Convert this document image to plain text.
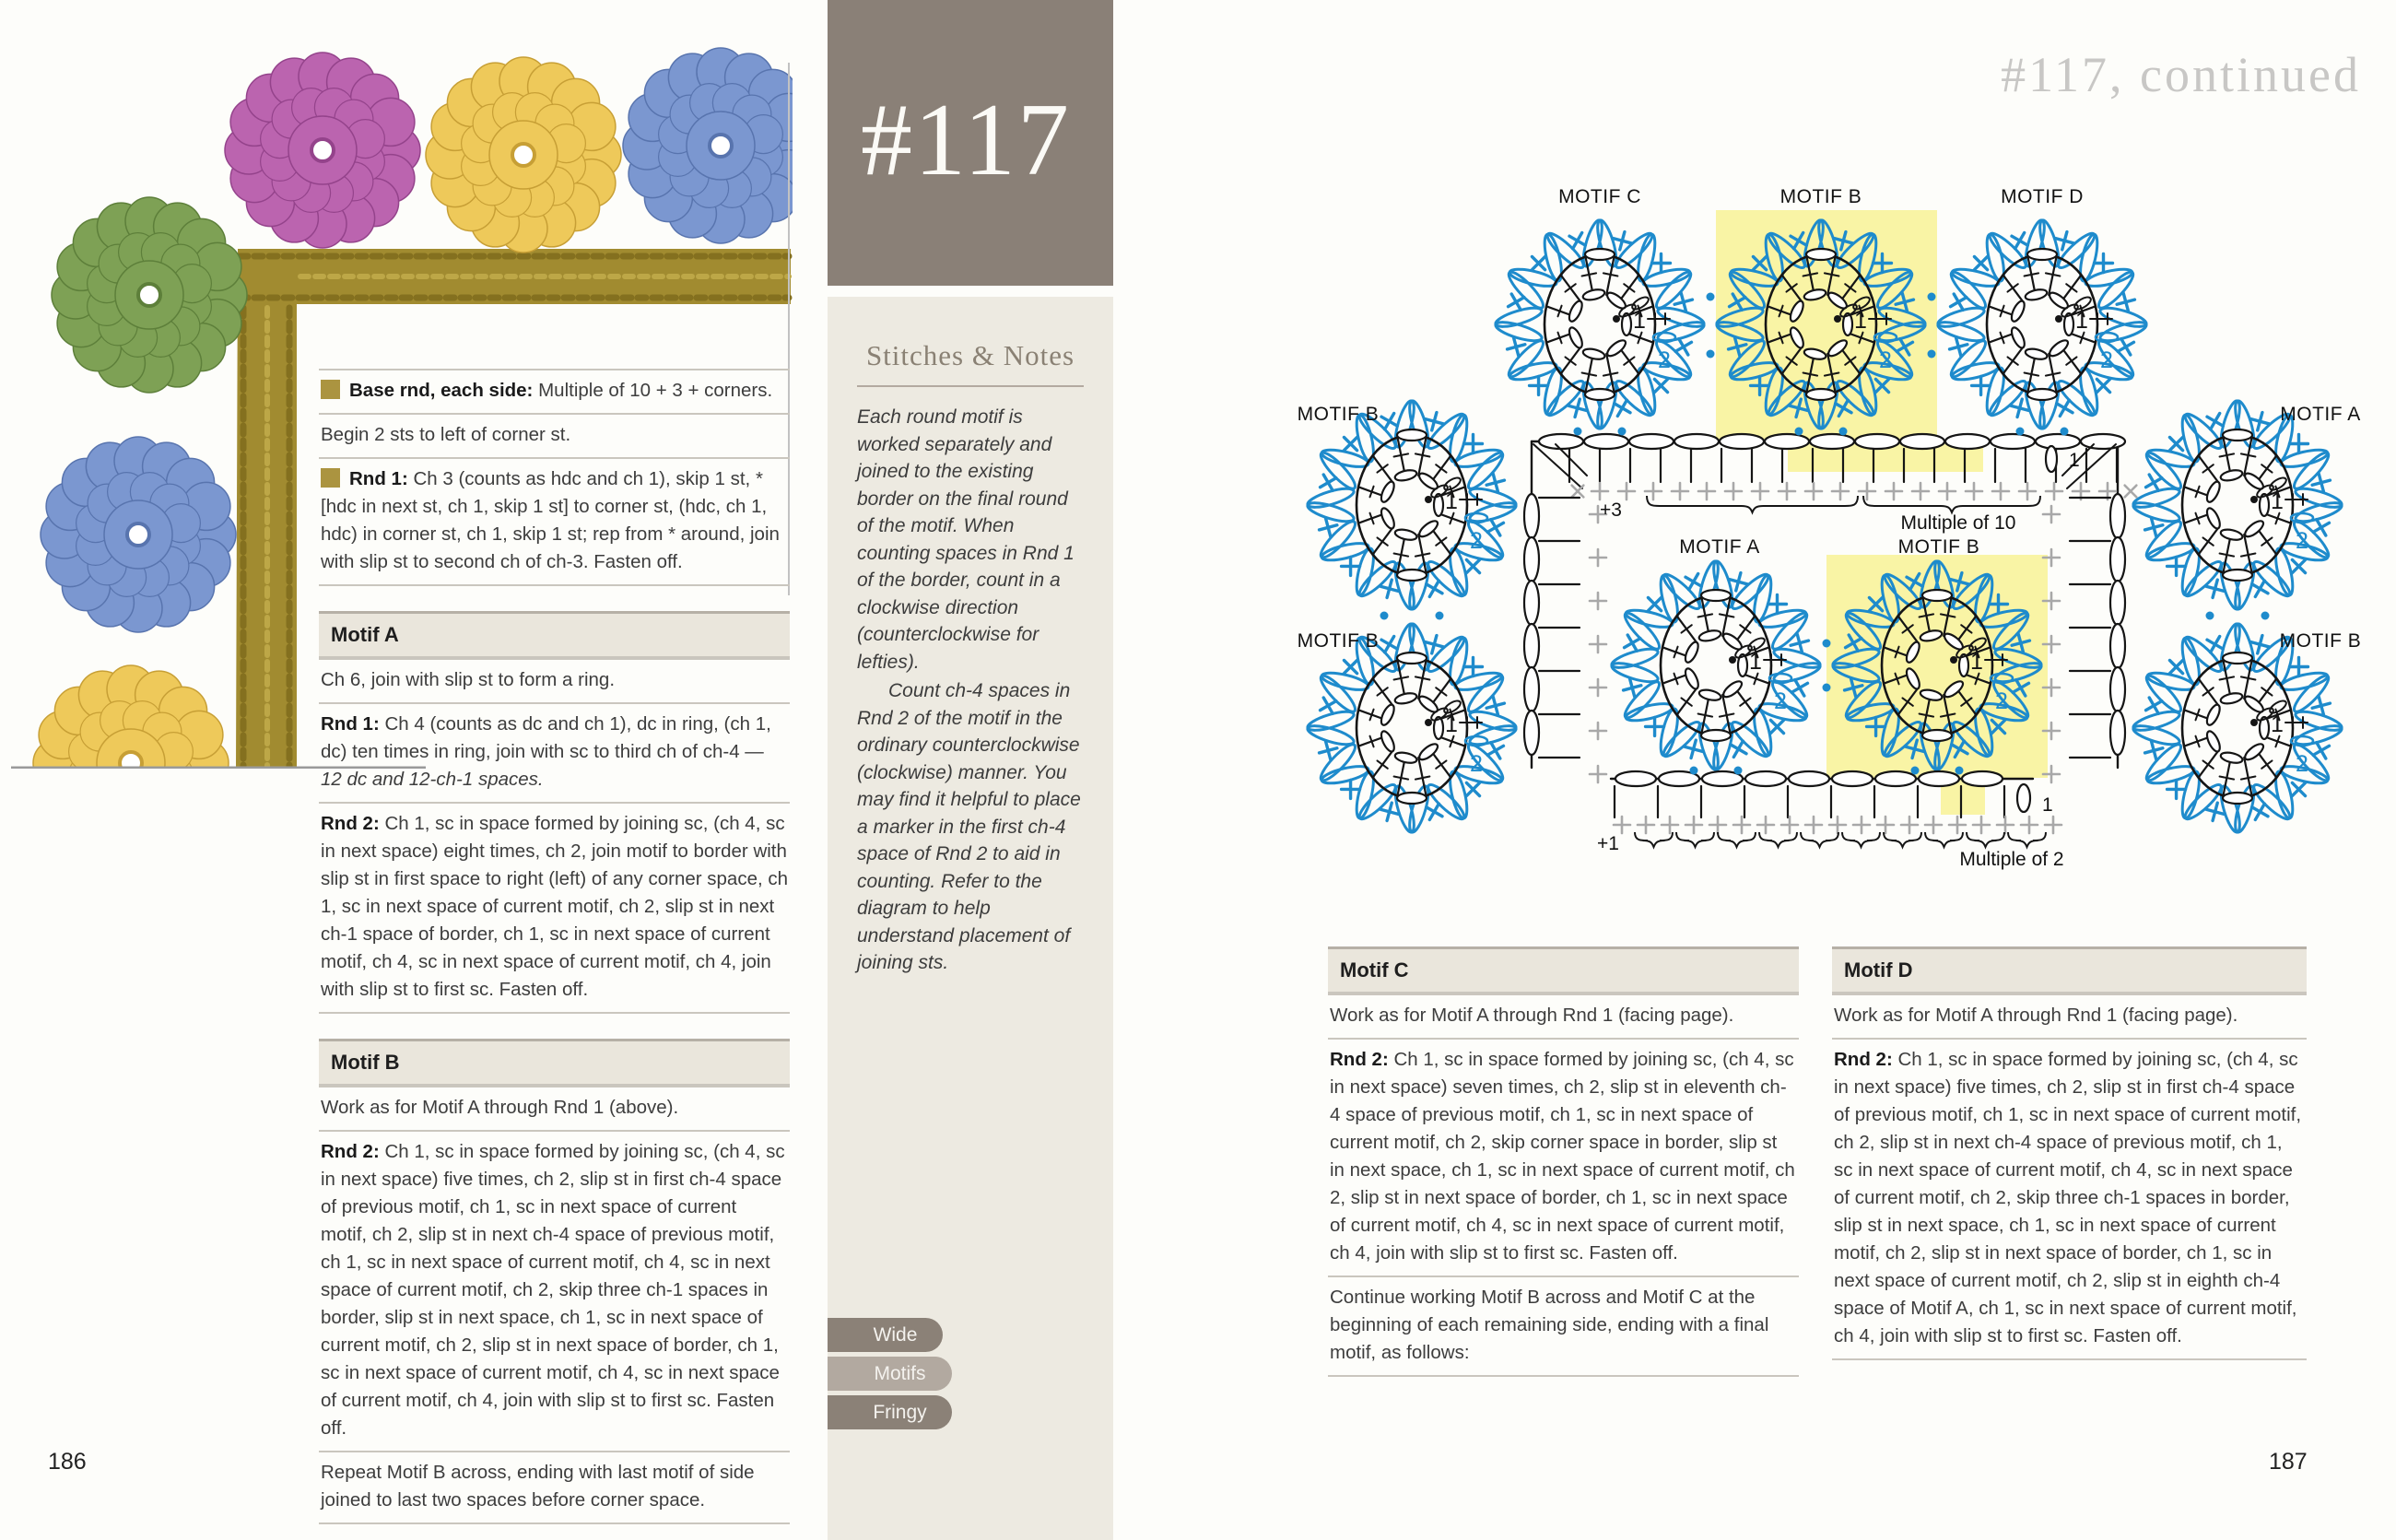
Base rnd, each side: Multiple of 10 + 3 + corners.
Begin 2 sts to left of corner st.
Rnd 1: Ch 3 (counts as hdc and ch 1), skip 1 st, *[hdc in next st, ch 1, skip 1 st] to corner st, (hdc, ch 1, hdc) in corner st, ch 1, skip 1 st; rep from * around, join with slip st to second ch of ch-3. Fasten off.
Motif A
Ch 6, join with slip st to form a ring.
Rnd 1: Ch 4 (counts as dc and ch 1), dc in ring, (ch 1, dc) ten times in ring, join with sc to third ch of ch-4 — 12 dc and 12-ch-1 spaces.
Rnd 2: Ch 1, sc in space formed by joining sc, (ch 4, sc in next space) eight times, ch 2, join motif to border with slip st in first space to right (left) of any corner space, ch 1, sc in next space of current motif, ch 2, slip st in next ch-1 space of border, ch 1, sc in next space of current motif, ch 4, sc in next space of current motif, ch 4, join with slip st to first sc. Fasten off.
Motif B
Work as for Motif A through Rnd 1 (above).
Rnd 2: Ch 1, sc in space formed by joining sc, (ch 4, sc in next space) five times, ch 2, slip st in first ch-4 space of previous motif, ch 1, sc in next space of current motif, ch 2, slip st in next ch-4 space of previous motif, ch 1, sc in next space of current motif, ch 4, sc in next space of current motif, ch 2, skip three ch-1 spaces in border, slip st in next space, ch 1, sc in next space of current motif, ch 2, slip st in next space of border, ch 1, sc in next space of current motif, ch 4, sc in next space of current motif, ch 4, join with slip st to first sc. Fasten off.
Repeat Motif B across, ending with last motif of side joined to last two spaces before corner space.
#117
Stitches & Notes

Each round motif is worked separately and joined to the existing border on the final round of the motif. When counting spaces in Rnd 1 of the border, count in a clockwise direction (counterclockwise for lefties).

Count ch-4 spaces in Rnd 2 of the motif in the ordinary counterclockwise (clockwise) manner. You may find it helpful to place a marker in the first ch-4 space of Rnd 2 to aid in counting. Refer to the diagram to help understand placement of joining sts.

Wide
Motifs
Fringy
#117, continued
1
2
1
2
1
2
1
2
1
2
1
2
1
2
1
2
1
2
MOTIF C	MOTIF B	MOTIF D
MOTIF B	MOTIF A
MOTIF A	MOTIF B
MOTIF B	MOTIF B
+3
Multiple of 10
1
1
+1
Multiple of 2
Motif C
Work as for Motif A through Rnd 1 (facing page).
Rnd 2: Ch 1, sc in space formed by joining sc, (ch 4, sc in next space) seven times, ch 2, slip st in eleventh ch-4 space of previous motif, ch 1, sc in next space of current motif, ch 2, skip corner space in border, slip st in next space, ch 1, sc in next space of current motif, ch 2, slip st in next space of border, ch 1, sc in next space of current motif, ch 4, sc in next space of current motif, ch 4, join with slip st to first sc. Fasten off.
Continue working Motif B across and Motif C at the beginning of each remaining side, ending with a final motif, as follows:
Motif D
Work as for Motif A through Rnd 1 (facing page).
Rnd 2: Ch 1, sc in space formed by joining sc, (ch 4, sc in next space) five times, ch 2, slip st in first ch-4 space of previous motif, ch 1, sc in next space of current motif, ch 2, slip st in next ch-4 space of previous motif, ch 1, sc in next space of current motif, ch 4, sc in next space of current motif, ch 2, skip three ch-1 spaces in border, slip st in next space, ch 1, sc in next space of current motif, ch 2, slip st in next space of border, ch 1, sc in next space of current motif, ch 2, slip st in eighth ch-4 space of Motif A, ch 1, sc in next space of current motif, ch 4, join with slip st to first sc. Fasten off.
186	187
